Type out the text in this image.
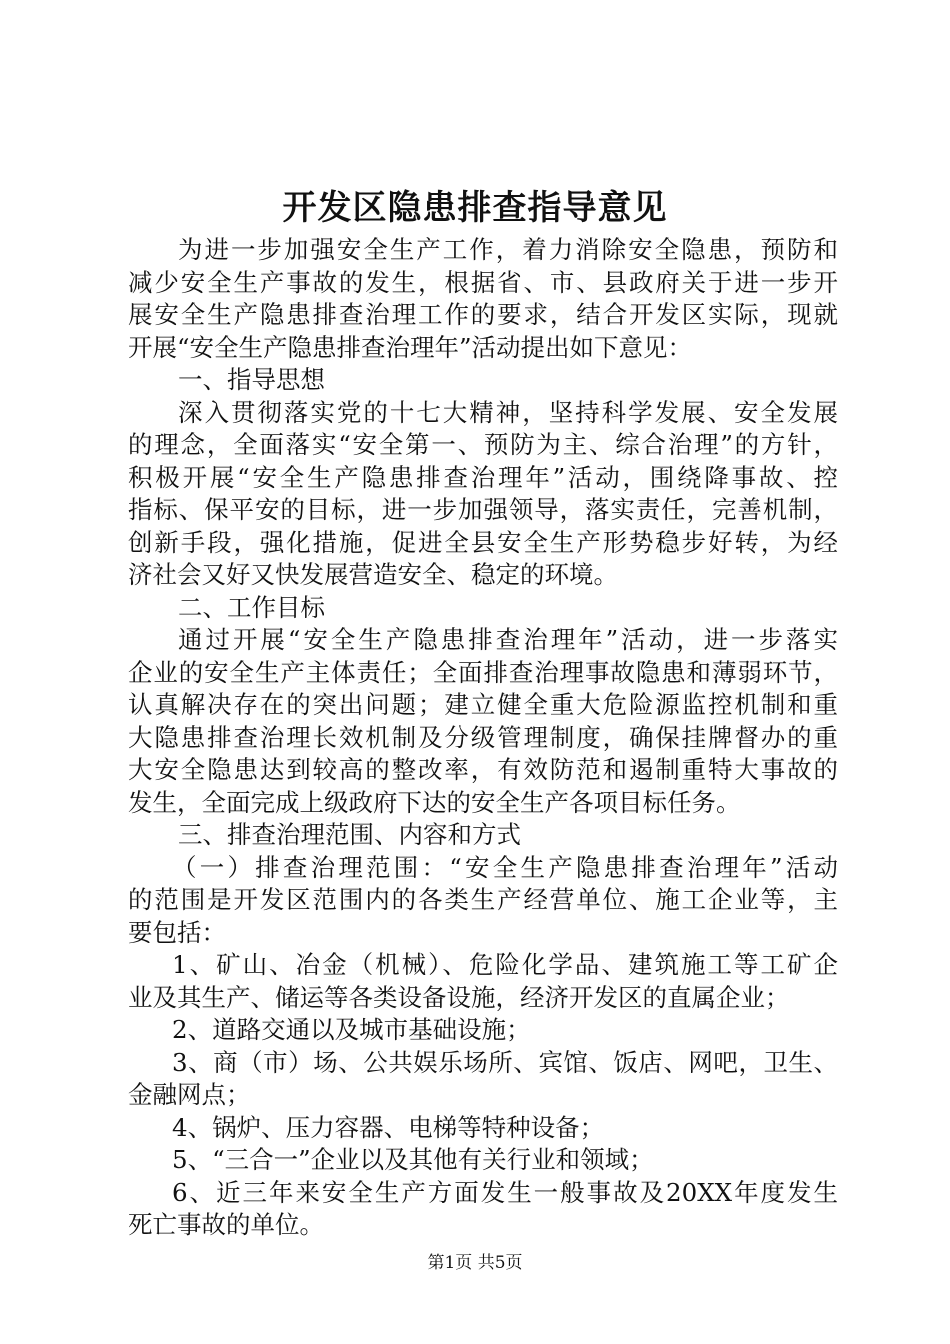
开发区隐患排查指导意见
为进一步加强安全生产工作，着力消除安全隐患，预防和
减少安全生产事故的发生，根据省、市、县政府关于进一步开
展安全生产隐患排查治理工作的要求，结合开发区实际，现就
开展“安全生产隐患排查治理年”活动提出如下意见：
一、指导思想
深入贯彻落实党的十七大精神，坚持科学发展、安全发展
的理念，全面落实“安全第一、预防为主、综合治理”的方针，
积极开展“安全生产隐患排查治理年”活动，围绕降事故、控
指标、保平安的目标，进一步加强领导，落实责任，完善机制，
创新手段，强化措施，促进全县安全生产形势稳步好转，为经
济社会又好又快发展营造安全、稳定的环境。
二、工作目标
通过开展“安全生产隐患排查治理年”活动，进一步落实
企业的安全生产主体责任；全面排查治理事故隐患和薄弱环节，
认真解决存在的突出问题；建立健全重大危险源监控机制和重
大隐患排查治理长效机制及分级管理制度，确保挂牌督办的重
大安全隐患达到较高的整改率，有效防范和遏制重特大事故的
发生，全面完成上级政府下达的安全生产各项目标任务。
三、排查治理范围、内容和方式
（一）排查治理范围：“安全生产隐患排查治理年”活动
的范围是开发区范围内的各类生产经营单位、施工企业等，主
要包括：
1、矿山、冶金（机械）、危险化学品、建筑施工等工矿企
业及其生产、储运等各类设备设施，经济开发区的直属企业；
2、道路交通以及城市基础设施；
3、商（市）场、公共娱乐场所、宾馆、饭店、网吧，卫生、
金融网点；
4、锅炉、压力容器、电梯等特种设备；
5、“三合一”企业以及其他有关行业和领域；
6、近三年来安全生产方面发生一般事故及20XX年度发生
死亡事故的单位。
第1页 共5页
